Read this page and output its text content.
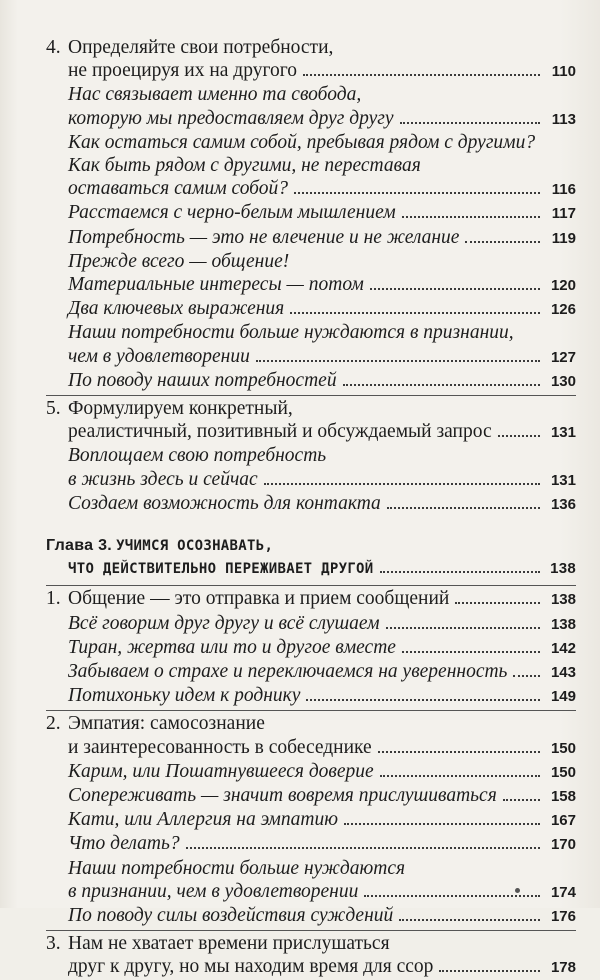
4. Определяйте свои потребности,
не проецируя их на другого	110
Нас связывает именно та свобода,
которую мы предоставляем друг другу	113
Как остаться самим собой, пребывая рядом с другими?
Как быть рядом с другими, не переставая
оставаться самим собой?	116
Расстаемся с черно-белым мышлением	117
Потребность — это не влечение и не желание	119
Прежде всего — общение!
Материальные интересы — потом	120
Два ключевых выражения	126
Наши потребности больше нуждаются в признании,
чем в удовлетворении	127
По поводу наших потребностей	130
5. Формулируем конкретный,
реалистичный, позитивный и обсуждаемый запрос	131
Воплощаем свою потребность
в жизнь здесь и сейчас	131
Создаем возможность для контакта	136
Глава 3. УЧИМСЯ ОСОЗНАВАТЬ,
ЧТО ДЕЙСТВИТЕЛЬНО ПЕРЕЖИВАЕТ ДРУГОЙ	138
1. Общение — это отправка и прием сообщений	138
Всё говорим друг другу и всё слушаем	138
Тиран, жертва или то и другое вместе	142
Забываем о страхе и переключаемся на уверенность	143
Потихоньку идем к роднику	149
2. Эмпатия: самосознание
и заинтересованность в собеседнике	150
Карим, или Пошатнувшееся доверие	150
Сопереживать — значит вовремя прислушиваться	158
Кати, или Аллергия на эмпатию	167
Что делать?	170
Наши потребности больше нуждаются
в признании, чем в удовлетворении	174
По поводу силы воздействия суждений	176
3. Нам не хватает времени прислушаться
друг к другу, но мы находим время для ссор	178
